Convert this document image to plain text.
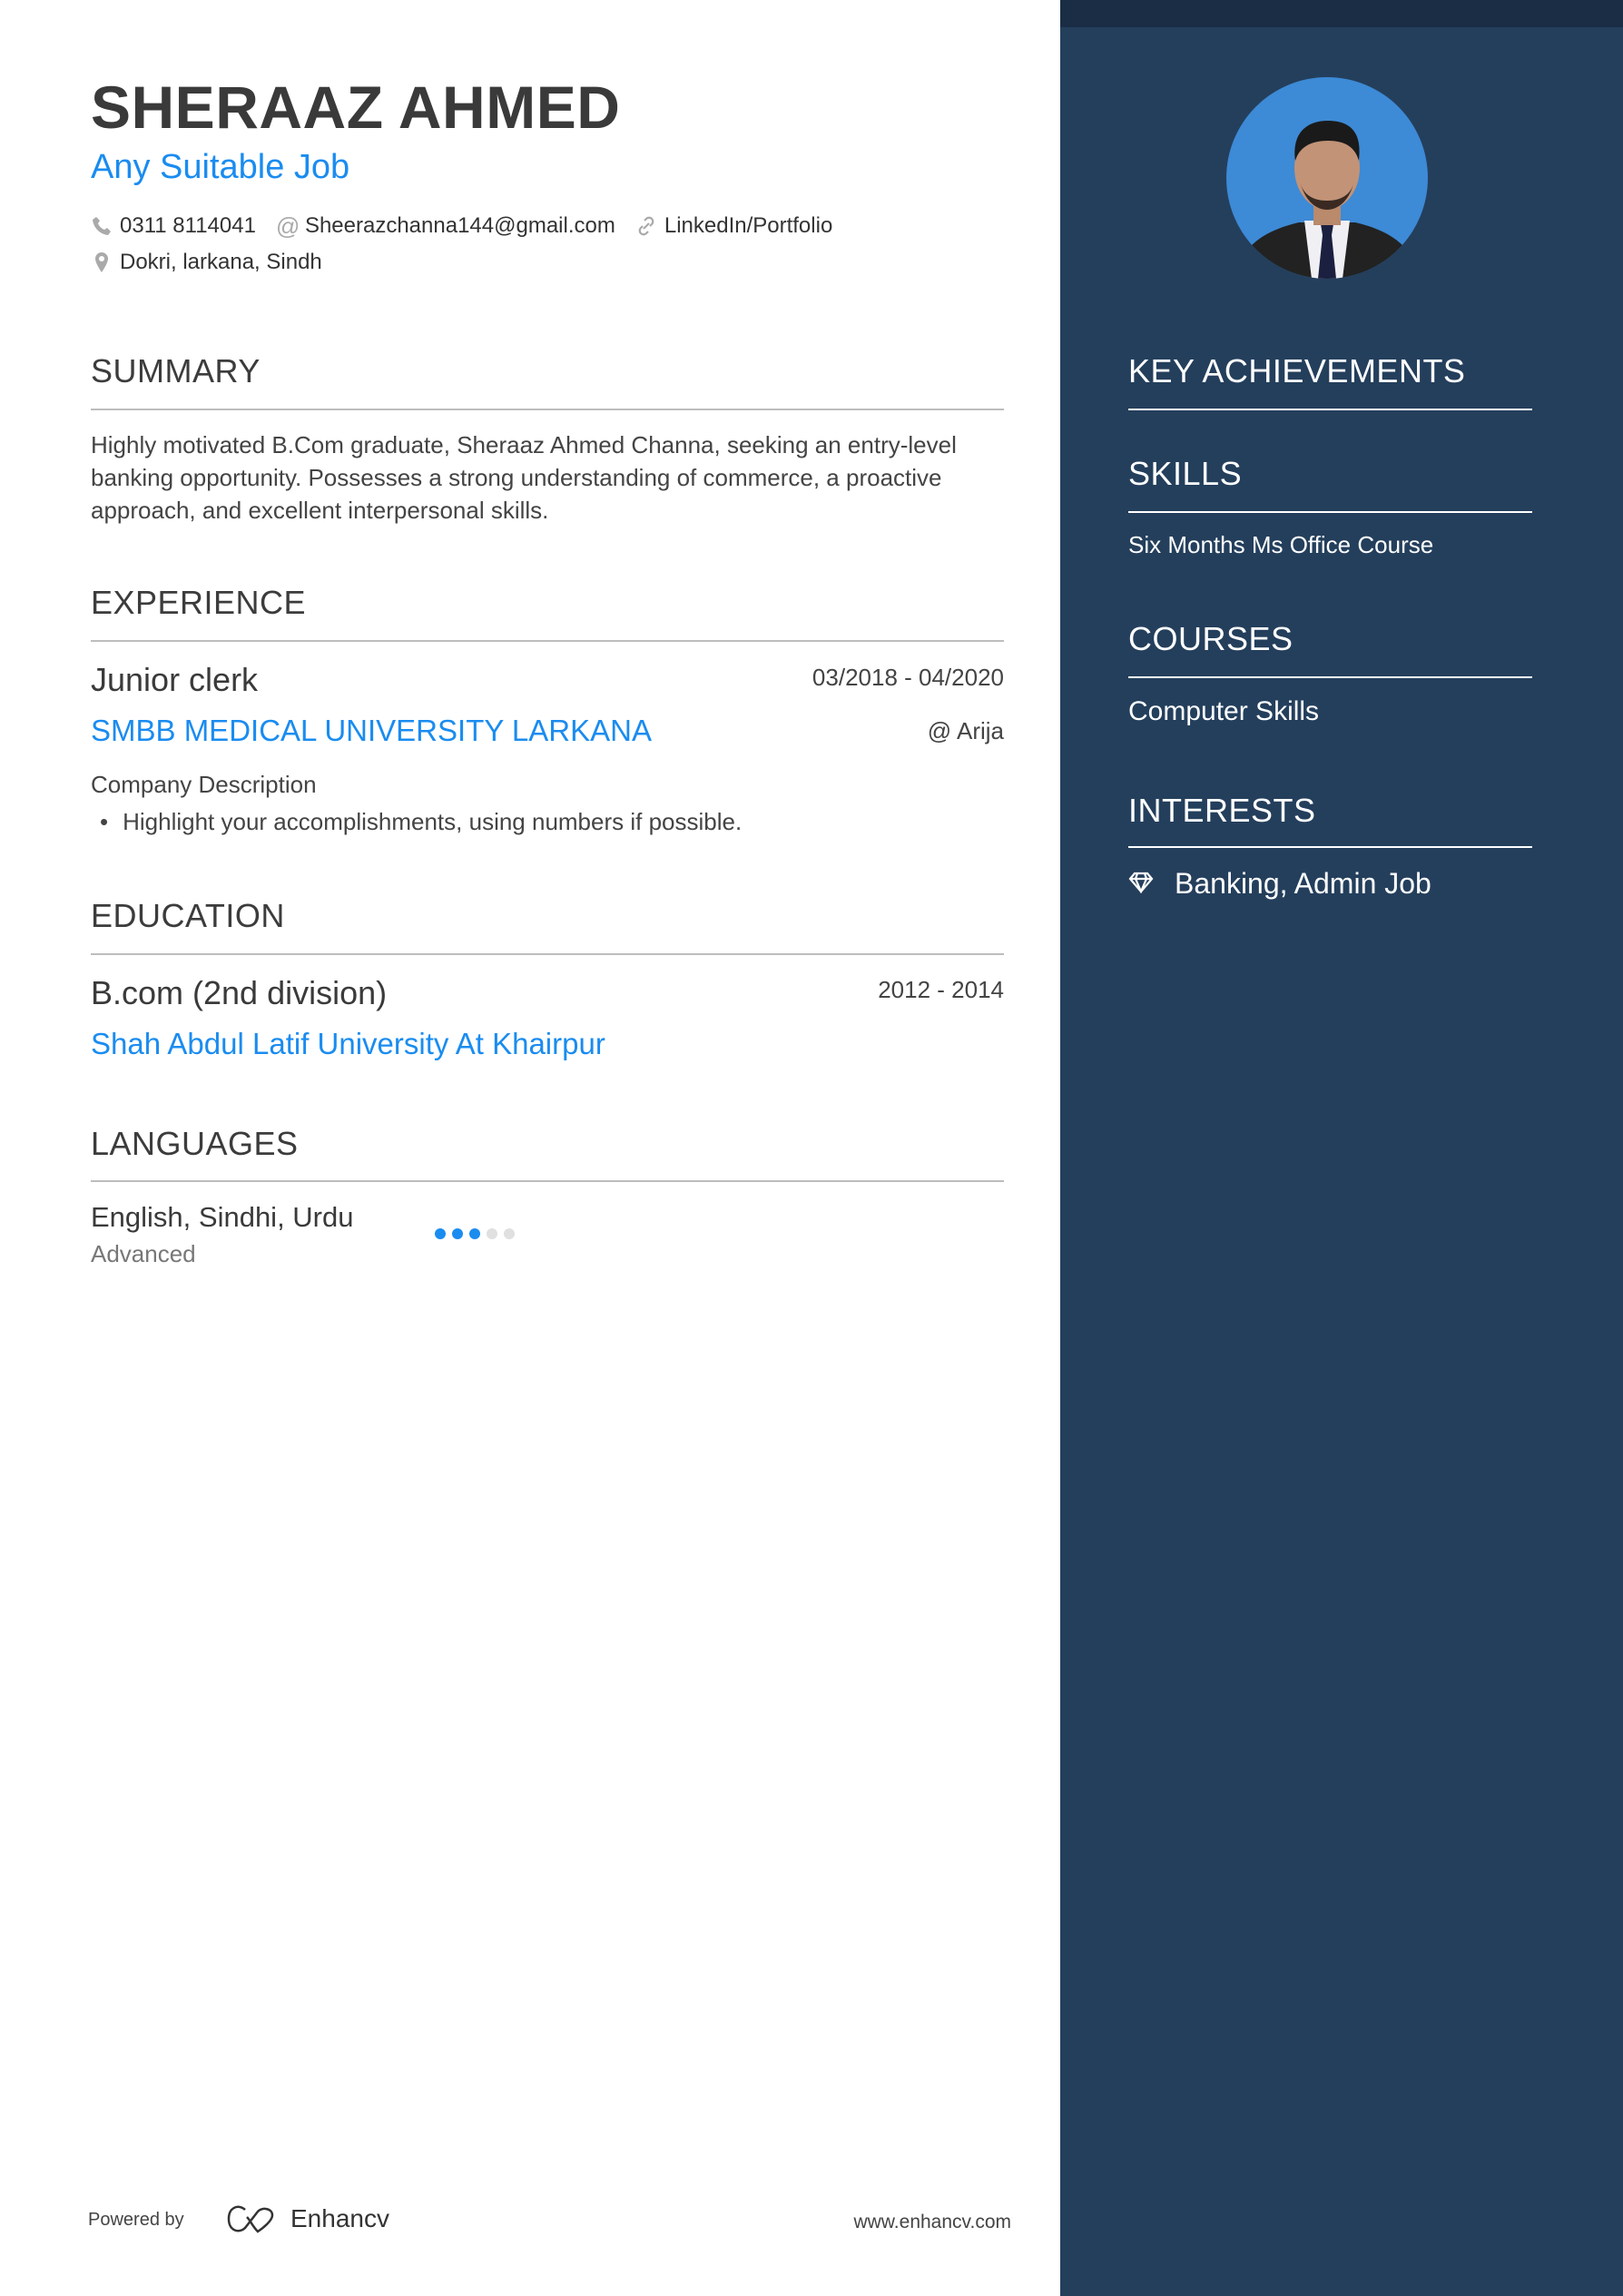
SHERAAZ AHMED
Any Suitable Job
0311 8114041 @ Sheerazchanna144@gmail.com LinkedIn/Portfolio
Dokri, larkana, Sindh
SUMMARY
Highly motivated B.Com graduate, Sheraaz Ahmed Channa, seeking an entry-level banking opportunity. Possesses a strong understanding of commerce, a proactive approach, and excellent interpersonal skills.
EXPERIENCE
Junior clerk	03/2018 - 04/2020
SMBB MEDICAL UNIVERSITY LARKANA	@ Arija
Company Description
• Highlight your accomplishments, using numbers if possible.
EDUCATION
B.com (2nd division)	2012 - 2014
Shah Abdul Latif University At Khairpur
LANGUAGES
English, Sindhi, Urdu
Advanced
Powered by	Enhancv	www.enhancv.com
KEY ACHIEVEMENTS
SKILLS
Six Months Ms Office Course
COURSES
Computer Skills
INTERESTS
Banking, Admin Job
